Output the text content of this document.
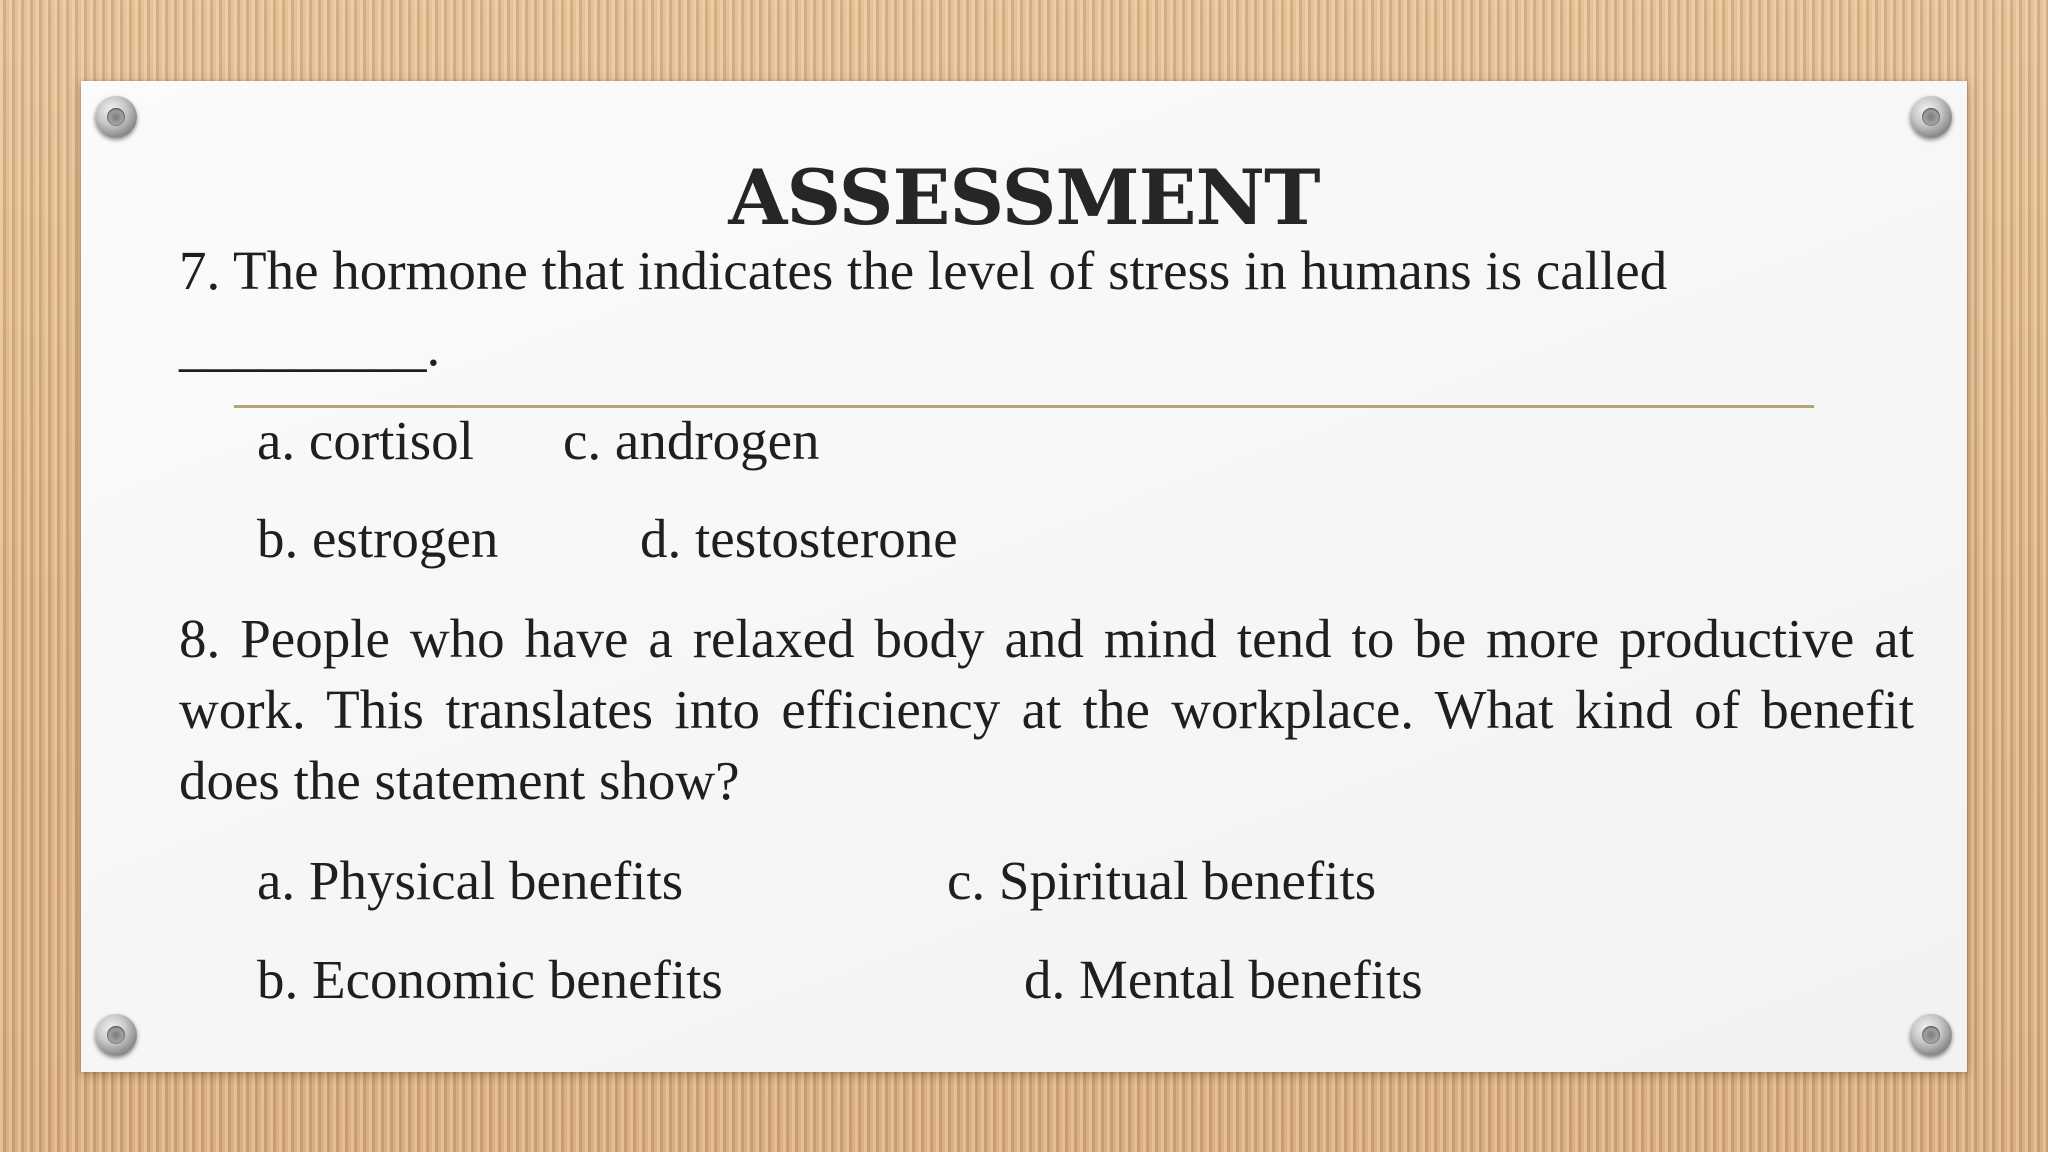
ASSESSMENT
7. The hormone that indicates the level of stress in humans is called
_________.
a. cortisol c. androgen
b. estrogen	d. testosterone
8. People who have a relaxed body and mind tend to be more productive at work. This translates into efficiency at the workplace. What kind of benefit does the statement show?
a. Physical benefits	c. Spiritual benefits
b. Economic benefits	d. Mental benefits
